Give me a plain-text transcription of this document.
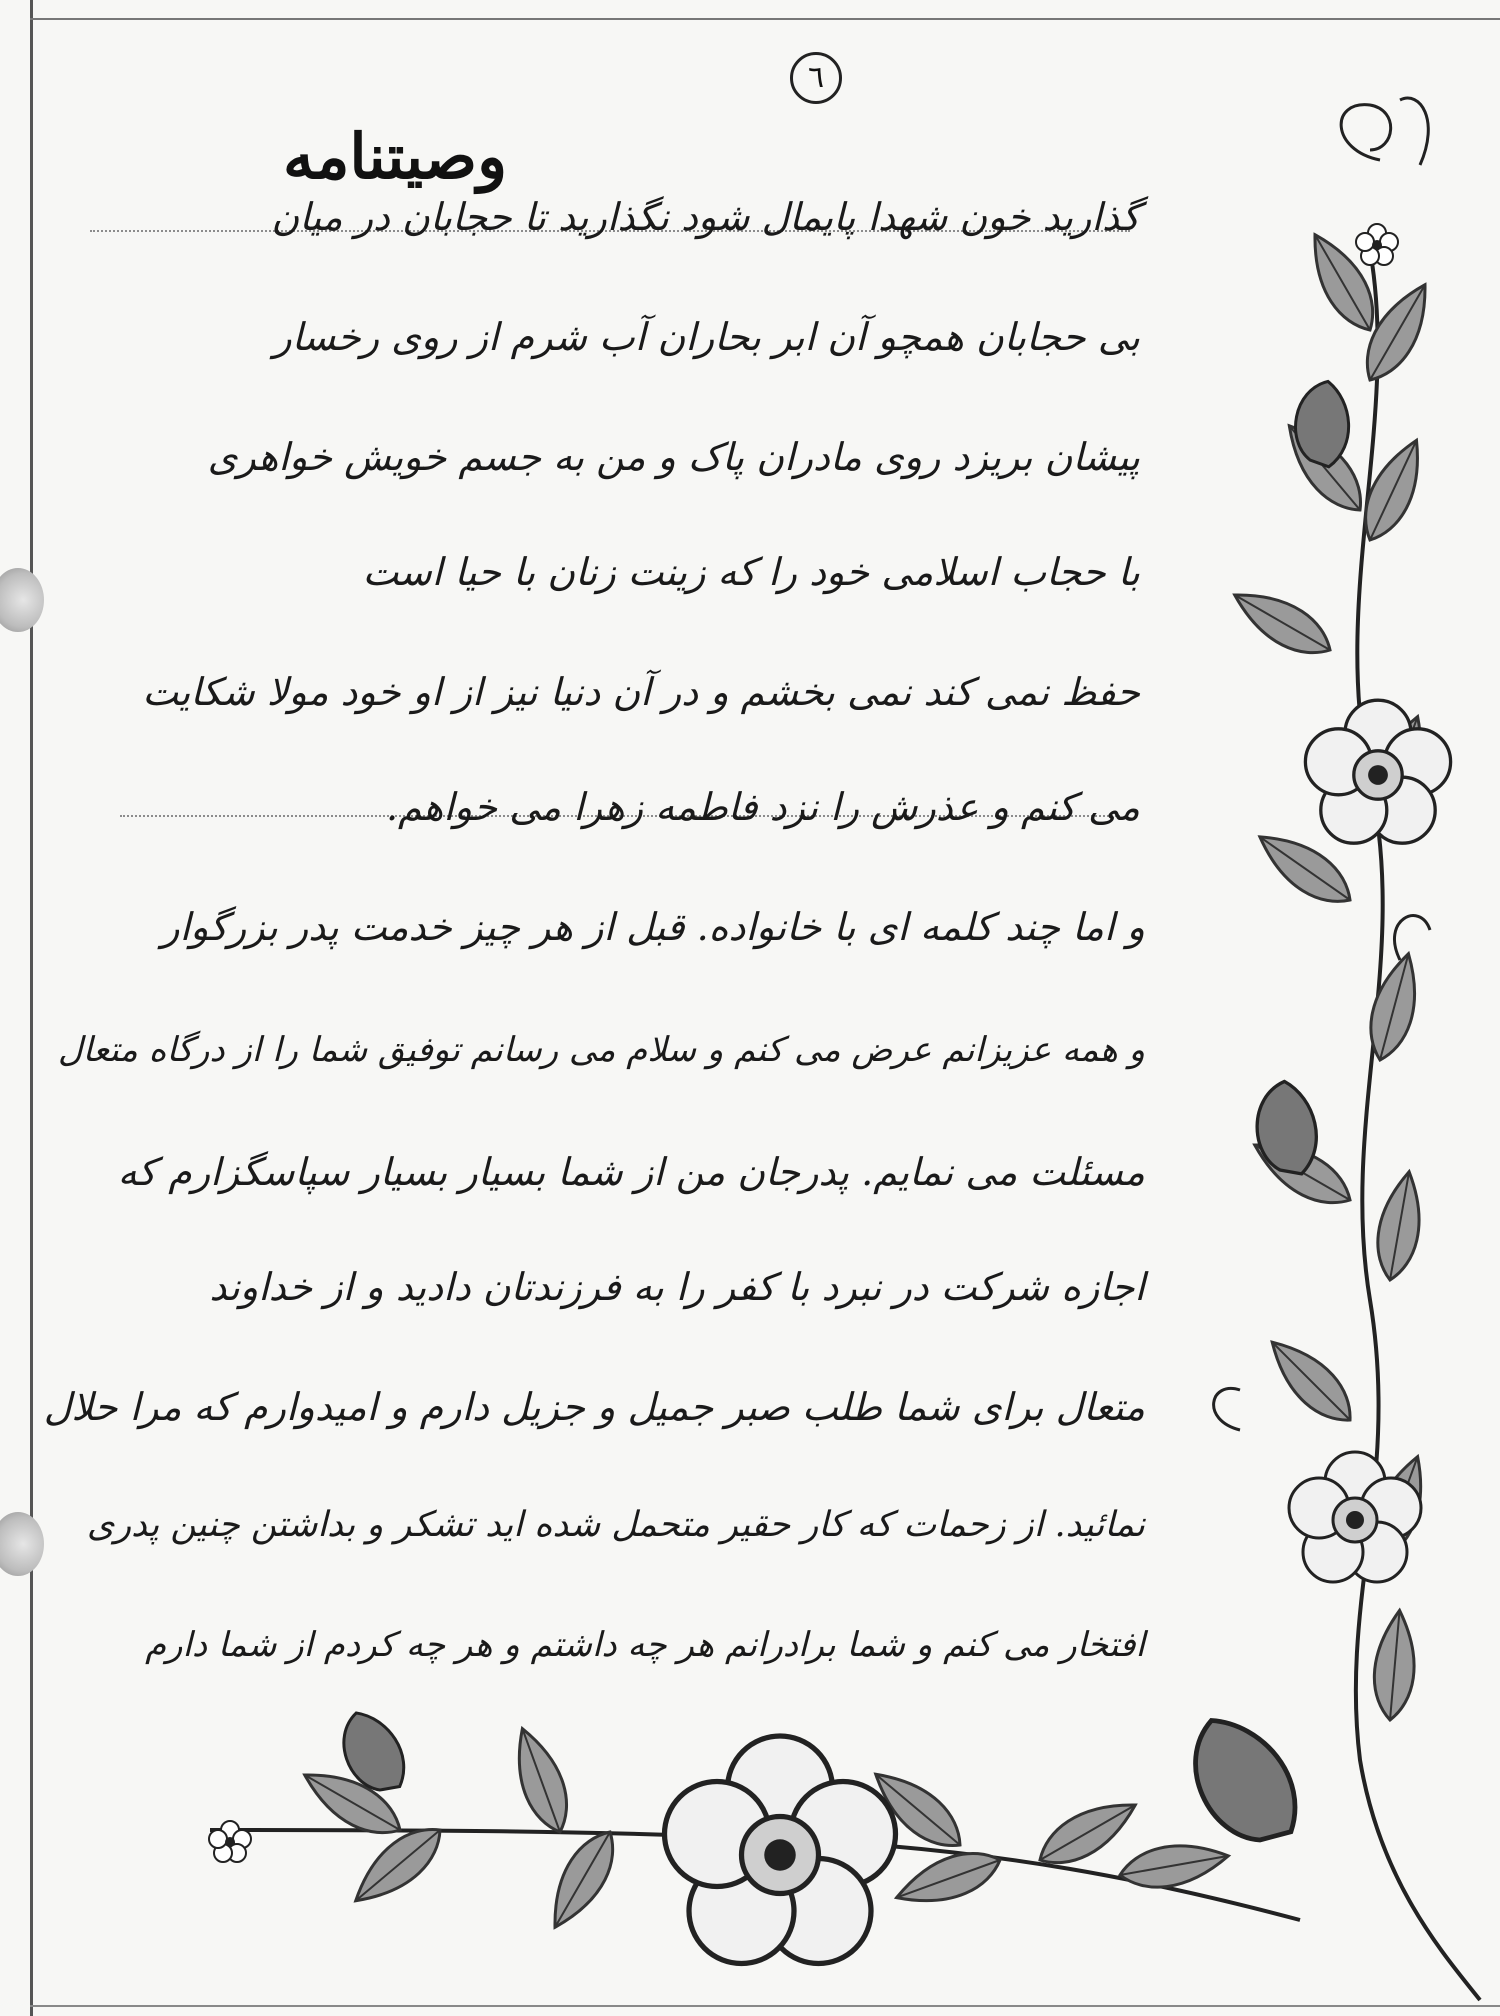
٦
وصیتنامه
گذارید خون شهدا پایمال شود نگذارید تا حجابان در میان
بی حجابان همچو آن ابر بحاران آب شرم از روی رخسار
پیشان بریزد روی مادران پاک و من به جسم خویش خواهری
با حجاب اسلامی خود را که زینت زنان با حیا است
حفظ نمی کند نمی بخشم و در آن دنیا نیز از او خود مولا شکایت
می کنم و عذرش را نزد فاطمه زهرا می خواهم.
و اما چند کلمه ای با خانواده. قبل از هر چیز خدمت پدر بزرگوار
و همه عزیزانم عرض می کنم و سلام می رسانم توفیق شما را از درگاه متعال
مسئلت می نمایم. پدرجان من از شما بسیار بسیار سپاسگزارم که
اجازه شرکت در نبرد با کفر را به فرزندتان دادید و از خداوند
متعال برای شما طلب صبر جمیل و جزیل دارم و امیدوارم که مرا حلال
نمائید. از زحمات که کار حقیر متحمل شده اید تشکر و بداشتن چنین پدری
افتخار می کنم و شما برادرانم هر چه داشتم و هر چه کردم از شما دارم
